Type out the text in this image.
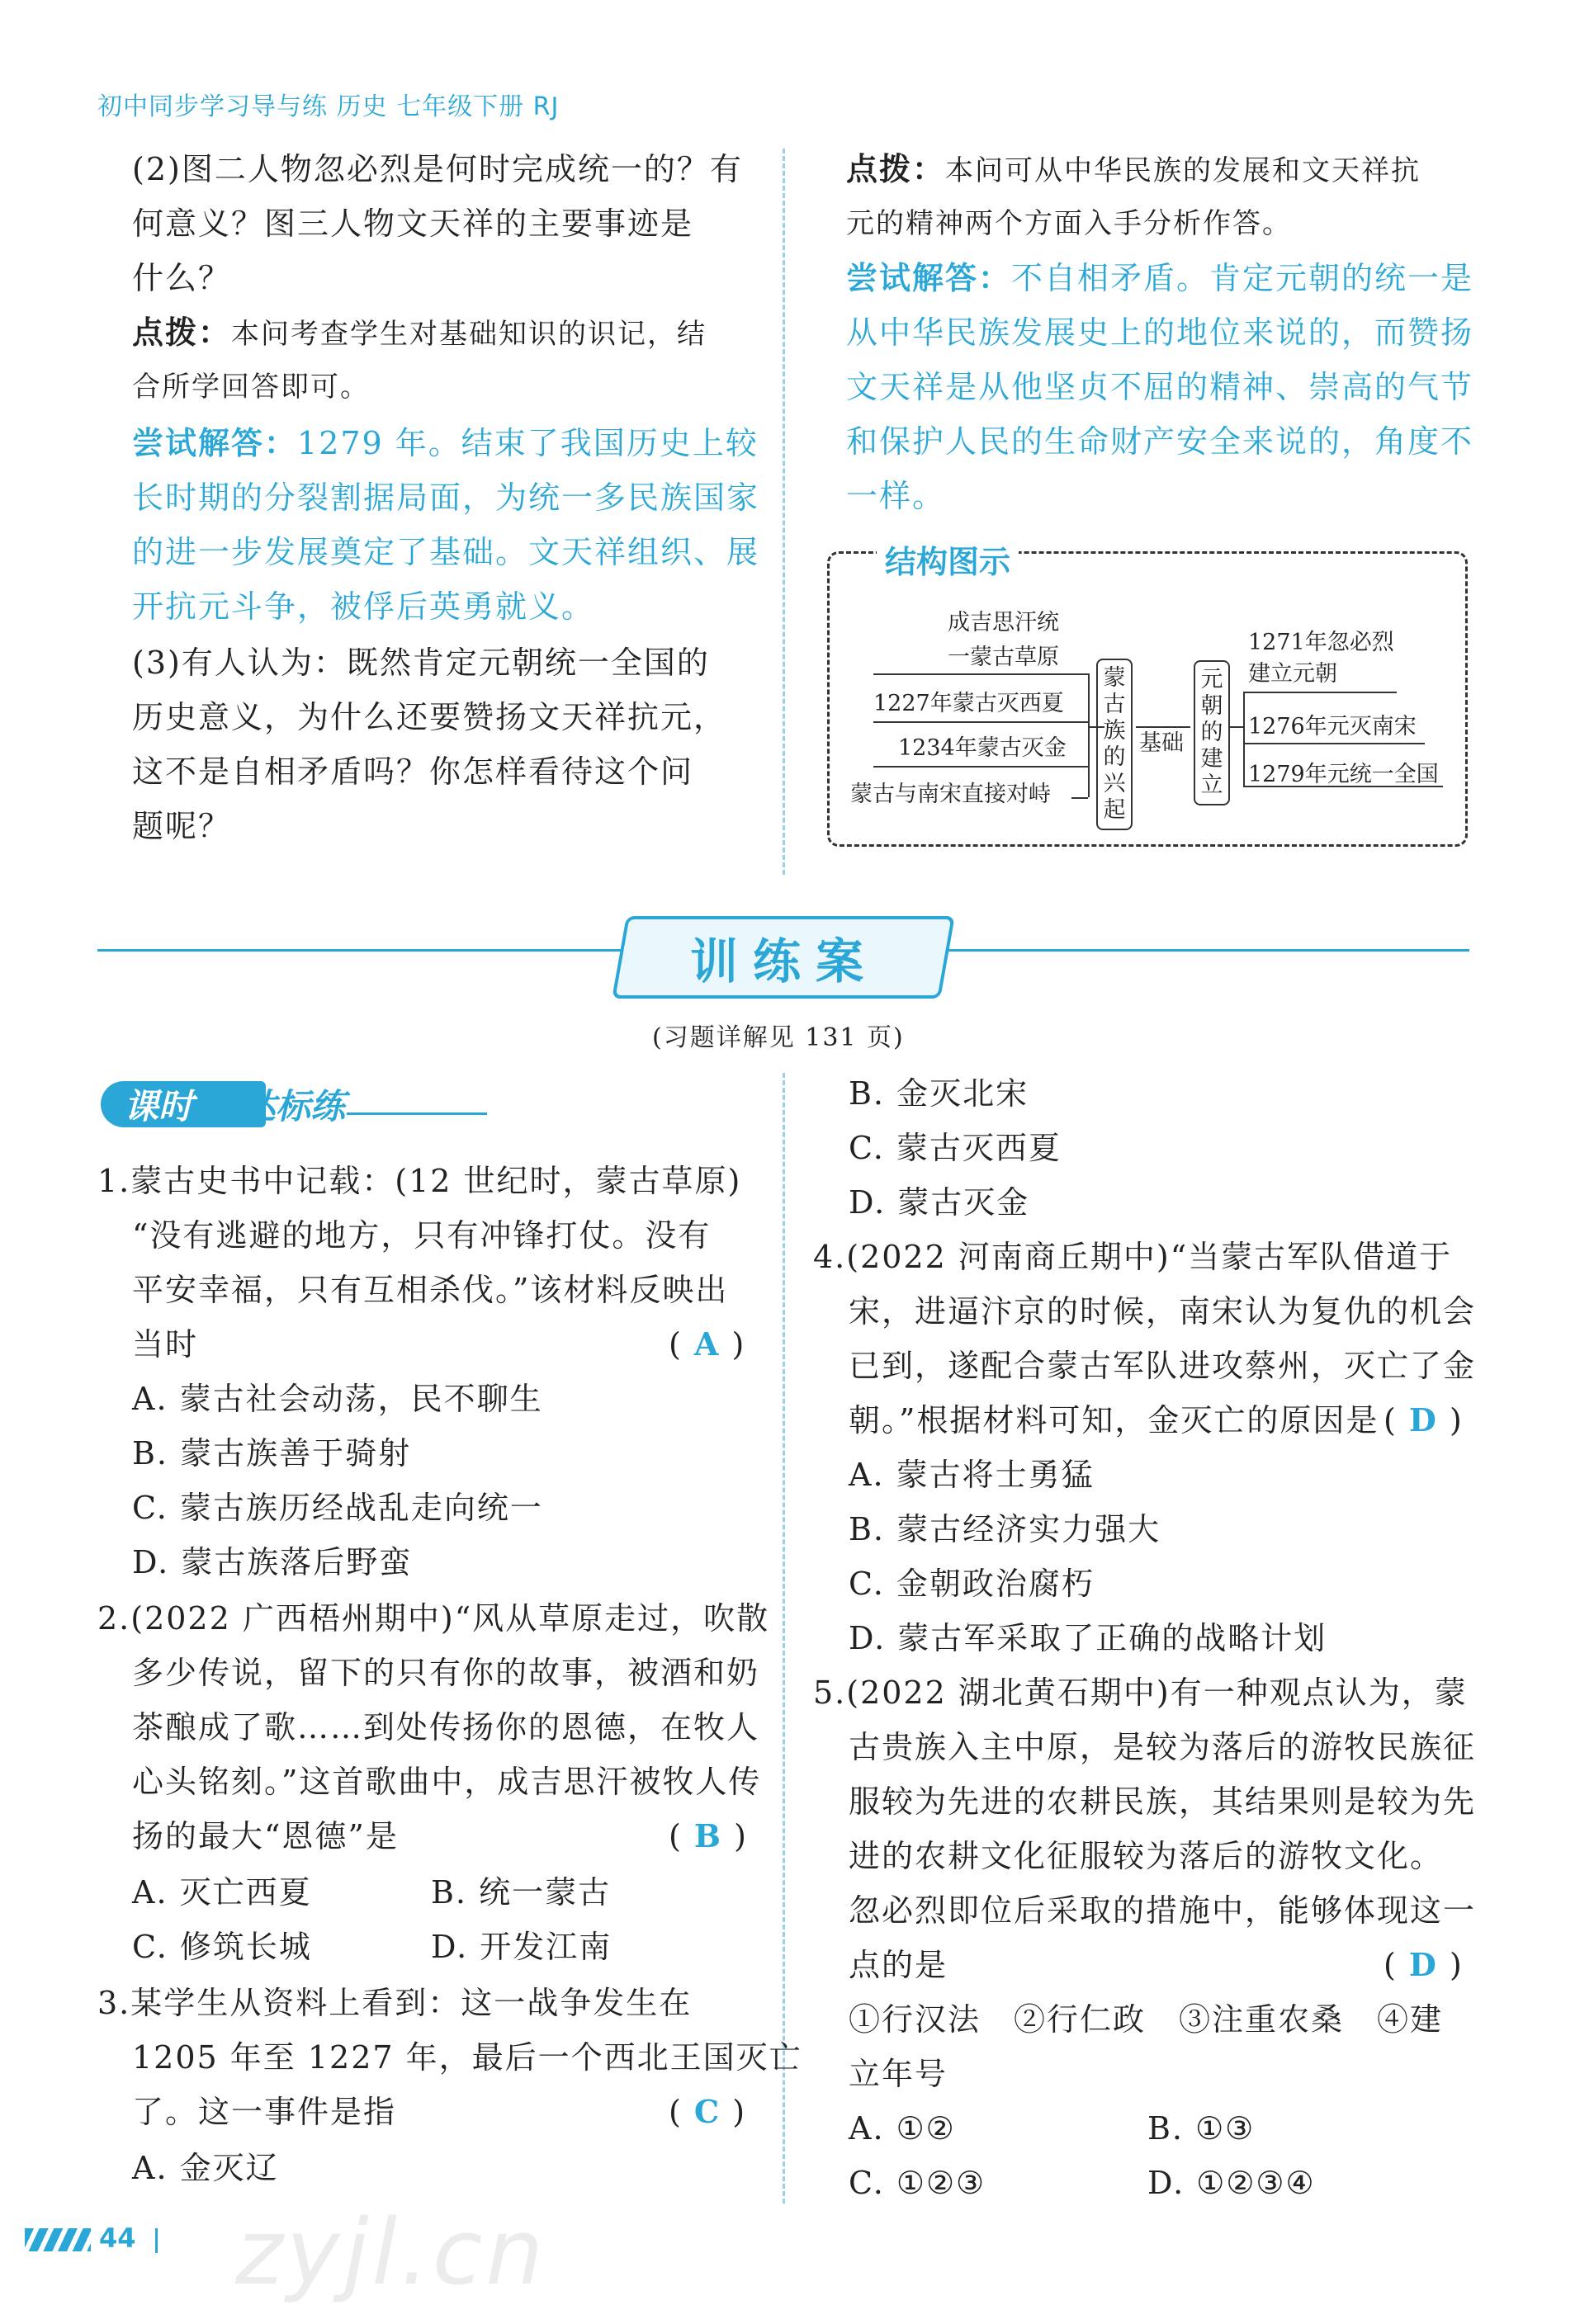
初中同步学习导与练 历史 七年级下册 RJ
(2)图二人物忽必烈是何时完成统一的？有
何意义？图三人物文天祥的主要事迹是
什么？
点拨：本问考查学生对基础知识的识记，结
合所学回答即可。
尝试解答：1279 年。结束了我国历史上较
长时期的分裂割据局面，为统一多民族国家
的进一步发展奠定了基础。文天祥组织、展
开抗元斗争，被俘后英勇就义。
(3)有人认为：既然肯定元朝统一全国的
历史意义，为什么还要赞扬文天祥抗元，
这不是自相矛盾吗？你怎样看待这个问
题呢？
点拨：本问可从中华民族的发展和文天祥抗
元的精神两个方面入手分析作答。
尝试解答：不自相矛盾。肯定元朝的统一是
从中华民族发展史上的地位来说的，而赞扬
文天祥是从他坚贞不屈的精神、崇高的气节
和保护人民的生命财产安全来说的，角度不
一样。
结构图示
成吉思汗统
一蒙古草原
1227年蒙古灭西夏
1234年蒙古灭金
蒙古与南宋直接对峙
蒙
古
族
的
兴
起
基础
元
朝
的
建
立
1271年忽必烈
建立元朝
1276年元灭南宋
1279年元统一全国
训练案
(习题详解见 131 页)
课时 达标练
1.蒙古史书中记载：(12 世纪时，蒙古草原)
“没有逃避的地方，只有冲锋打仗。没有
平安幸福，只有互相杀伐。”该材料反映出
当时	( A )
A. 蒙古社会动荡，民不聊生
B. 蒙古族善于骑射
C. 蒙古族历经战乱走向统一
D. 蒙古族落后野蛮
2.(2022 广西梧州期中)“风从草原走过，吹散
多少传说，留下的只有你的故事，被酒和奶
茶酿成了歌……到处传扬你的恩德，在牧人
心头铭刻。”这首歌曲中，成吉思汗被牧人传
扬的最大“恩德”是	( B )
A. 灭亡西夏	B. 统一蒙古
C. 修筑长城	D. 开发江南
3.某学生从资料上看到：这一战争发生在
1205 年至 1227 年，最后一个西北王国灭亡
了。这一事件是指	( C )
A. 金灭辽
B. 金灭北宋
C. 蒙古灭西夏
D. 蒙古灭金
4.(2022 河南商丘期中)“当蒙古军队借道于
宋，进逼汴京的时候，南宋认为复仇的机会
已到，遂配合蒙古军队进攻蔡州，灭亡了金
朝。”根据材料可知，金灭亡的原因是 ( D )
A. 蒙古将士勇猛
B. 蒙古经济实力强大
C. 金朝政治腐朽
D. 蒙古军采取了正确的战略计划
5.(2022 湖北黄石期中)有一种观点认为，蒙
古贵族入主中原，是较为落后的游牧民族征
服较为先进的农耕民族，其结果则是较为先
进的农耕文化征服较为落后的游牧文化。
忽必烈即位后采取的措施中，能够体现这一
点的是	( D )
①行汉法　②行仁政　③注重农桑　④建
立年号
A. ①②	B. ①③
C. ①②③	D. ①②③④
44 zyjl.cn
